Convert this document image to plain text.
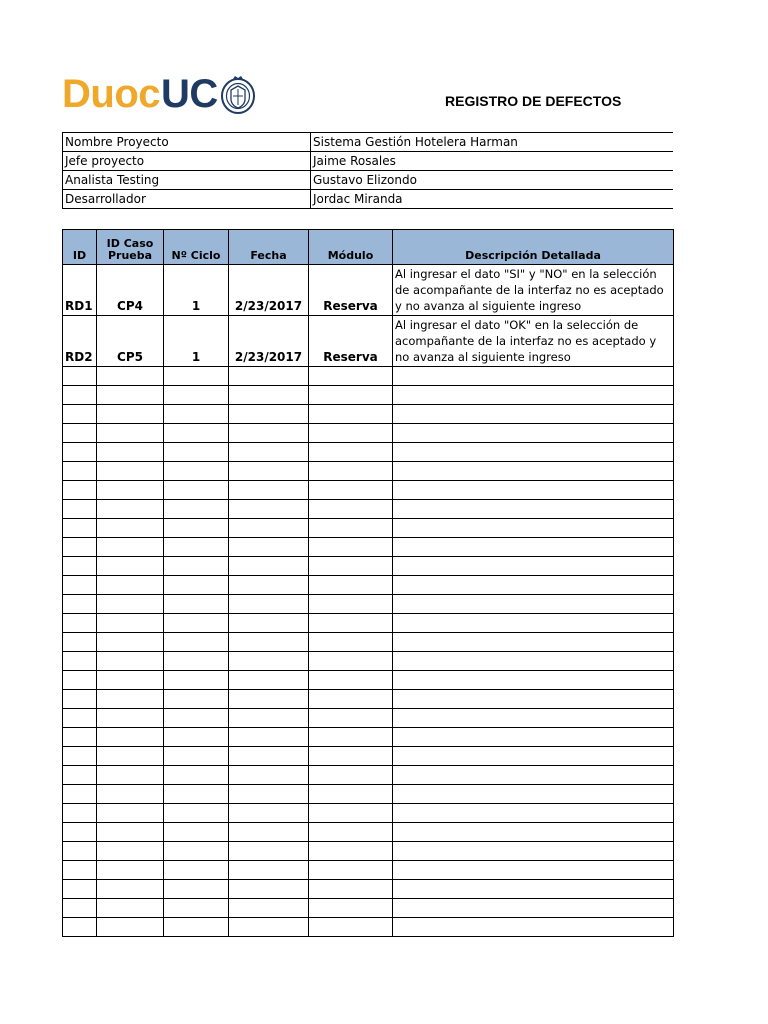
Duoc UC	REGISTRO DE DEFECTOS
Nombre Proyecto	Sistema Gestión Hotelera Harman
Jefe proyecto	Jaime Rosales
Analista Testing	Gustavo Elizondo
Desarrollador	Jordac Miranda
ID	ID Caso Prueba	Nº Ciclo	Fecha	Módulo	Descripción Detallada
RD1	CP4	1	2/23/2017	Reserva	Al ingresar el dato "SI" y "NO" en la selección de acompañante de la interfaz no es aceptado y no avanza al siguiente ingreso
RD2	CP5	1	2/23/2017	Reserva	Al ingresar el dato "OK" en la selección de acompañante de la interfaz no es aceptado y no avanza al siguiente ingreso
